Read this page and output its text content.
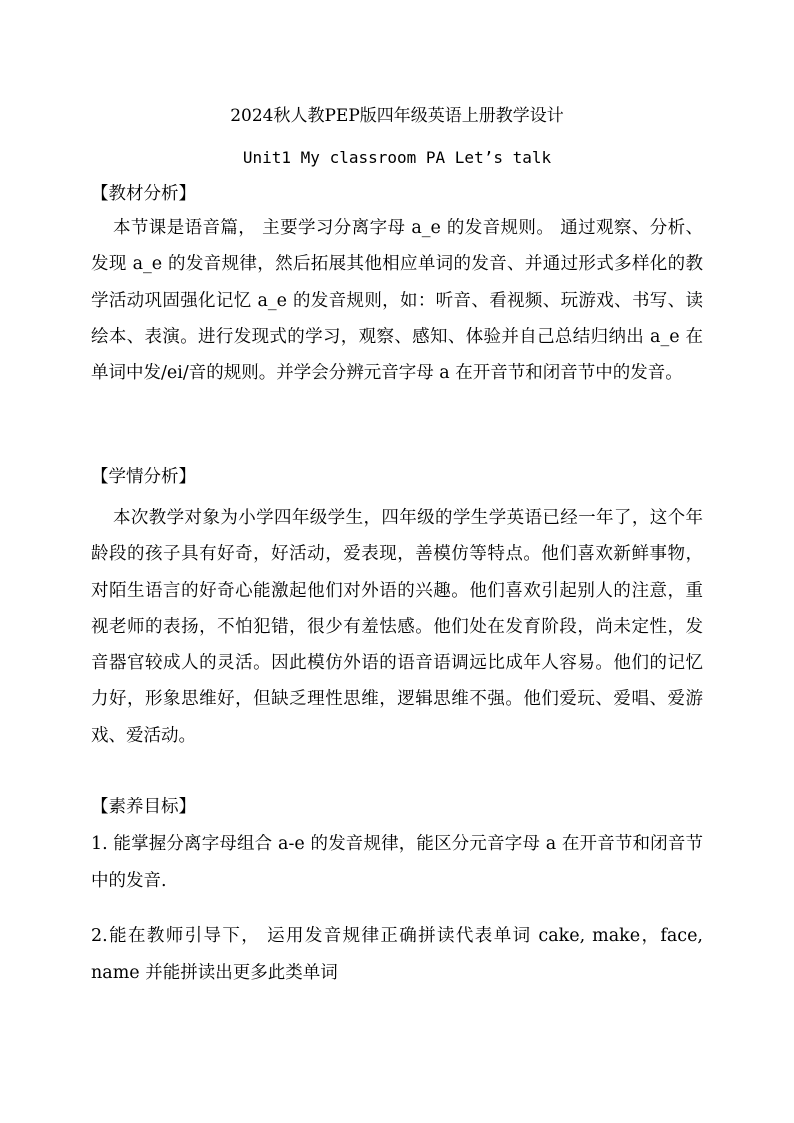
2024秋人教PEP版四年级英语上册教学设计
Unit1 My classroom PA Let’s talk
【教材分析】

本节课是语音篇， 主要学习分离字母 a_e 的发音规则。 通过观察、分析、发现 a_e 的发音规律，然后拓展其他相应单词的发音、并通过形式多样化的教学活动巩固强化记忆 a_e 的发音规则，如：听音、看视频、玩游戏、书写、读绘本、表演。进行发现式的学习，观察、感知、体验并自己总结归纳出 a_e 在单词中发/ei/音的规则。并学会分辨元音字母 a 在开音节和闭音节中的发音。

【学情分析】

本次教学对象为小学四年级学生，四年级的学生学英语已经一年了，这个年龄段的孩子具有好奇，好活动，爱表现，善模仿等特点。他们喜欢新鲜事物，对陌生语言的好奇心能激起他们对外语的兴趣。他们喜欢引起别人的注意，重视老师的表扬，不怕犯错，很少有羞怯感。他们处在发育阶段，尚未定性，发音器官较成人的灵活。因此模仿外语的语音语调远比成年人容易。他们的记忆力好，形象思维好，但缺乏理性思维，逻辑思维不强。他们爱玩、爱唱、爱游戏、爱活动。

【素养目标】

1. 能掌握分离字母组合 a-e 的发音规律，能区分元音字母 a 在开音节和闭音节中的发音.

2.能在教师引导下， 运用发音规律正确拼读代表单词 cake, make，face, name 并能拼读出更多此类单词
